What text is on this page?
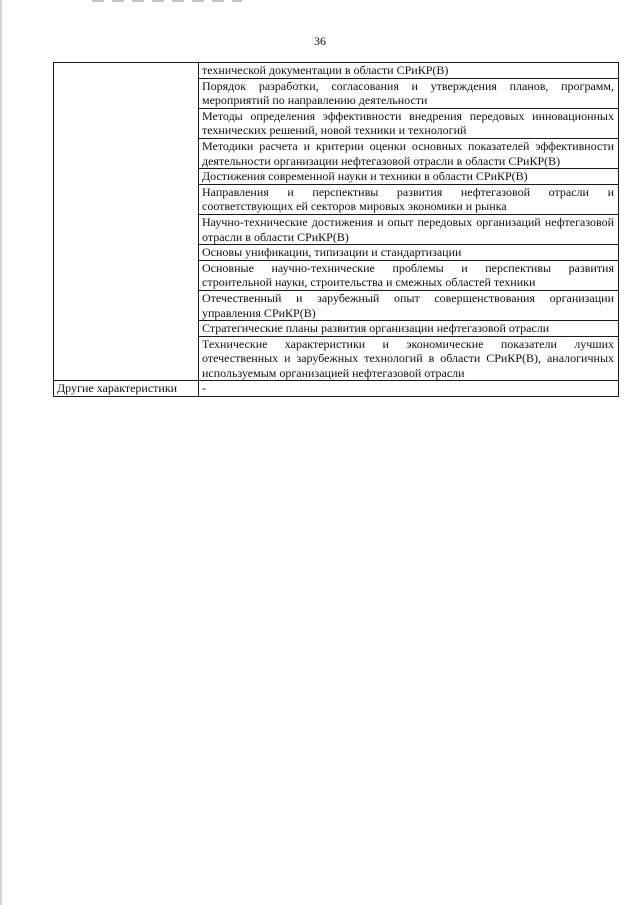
36
	технической документации в области СРиКР(В)
	Порядок разработки, согласования и утверждения планов, программ, мероприятий по направлению деятельности
	Методы определения эффективности внедрения передовых инновационных технических решений, новой техники и технологий
	Методики расчета и критерии оценки основных показателей эффективности деятельности организации нефтегазовой отрасли в области СРиКР(В)
	Достижения современной науки и техники в области СРиКР(В)
	Направления и перспективы развития нефтегазовой отрасли и соответствующих ей секторов мировых экономики и рынка
	Научно-технические достижения и опыт передовых организаций нефтегазовой отрасли в области СРиКР(В)
	Основы унификации, типизации и стандартизации
	Основные научно-технические проблемы и перспективы развития строительной науки, строительства и смежных областей техники
	Отечественный и зарубежный опыт совершенствования организации управления СРиКР(В)
	Стратегические планы развития организации нефтегазовой отрасли
	Технические характеристики и экономические показатели лучших отечественных и зарубежных технологий в области СРиКР(В), аналогичных используемым организацией нефтегазовой отрасли
Другие характеристики	-
